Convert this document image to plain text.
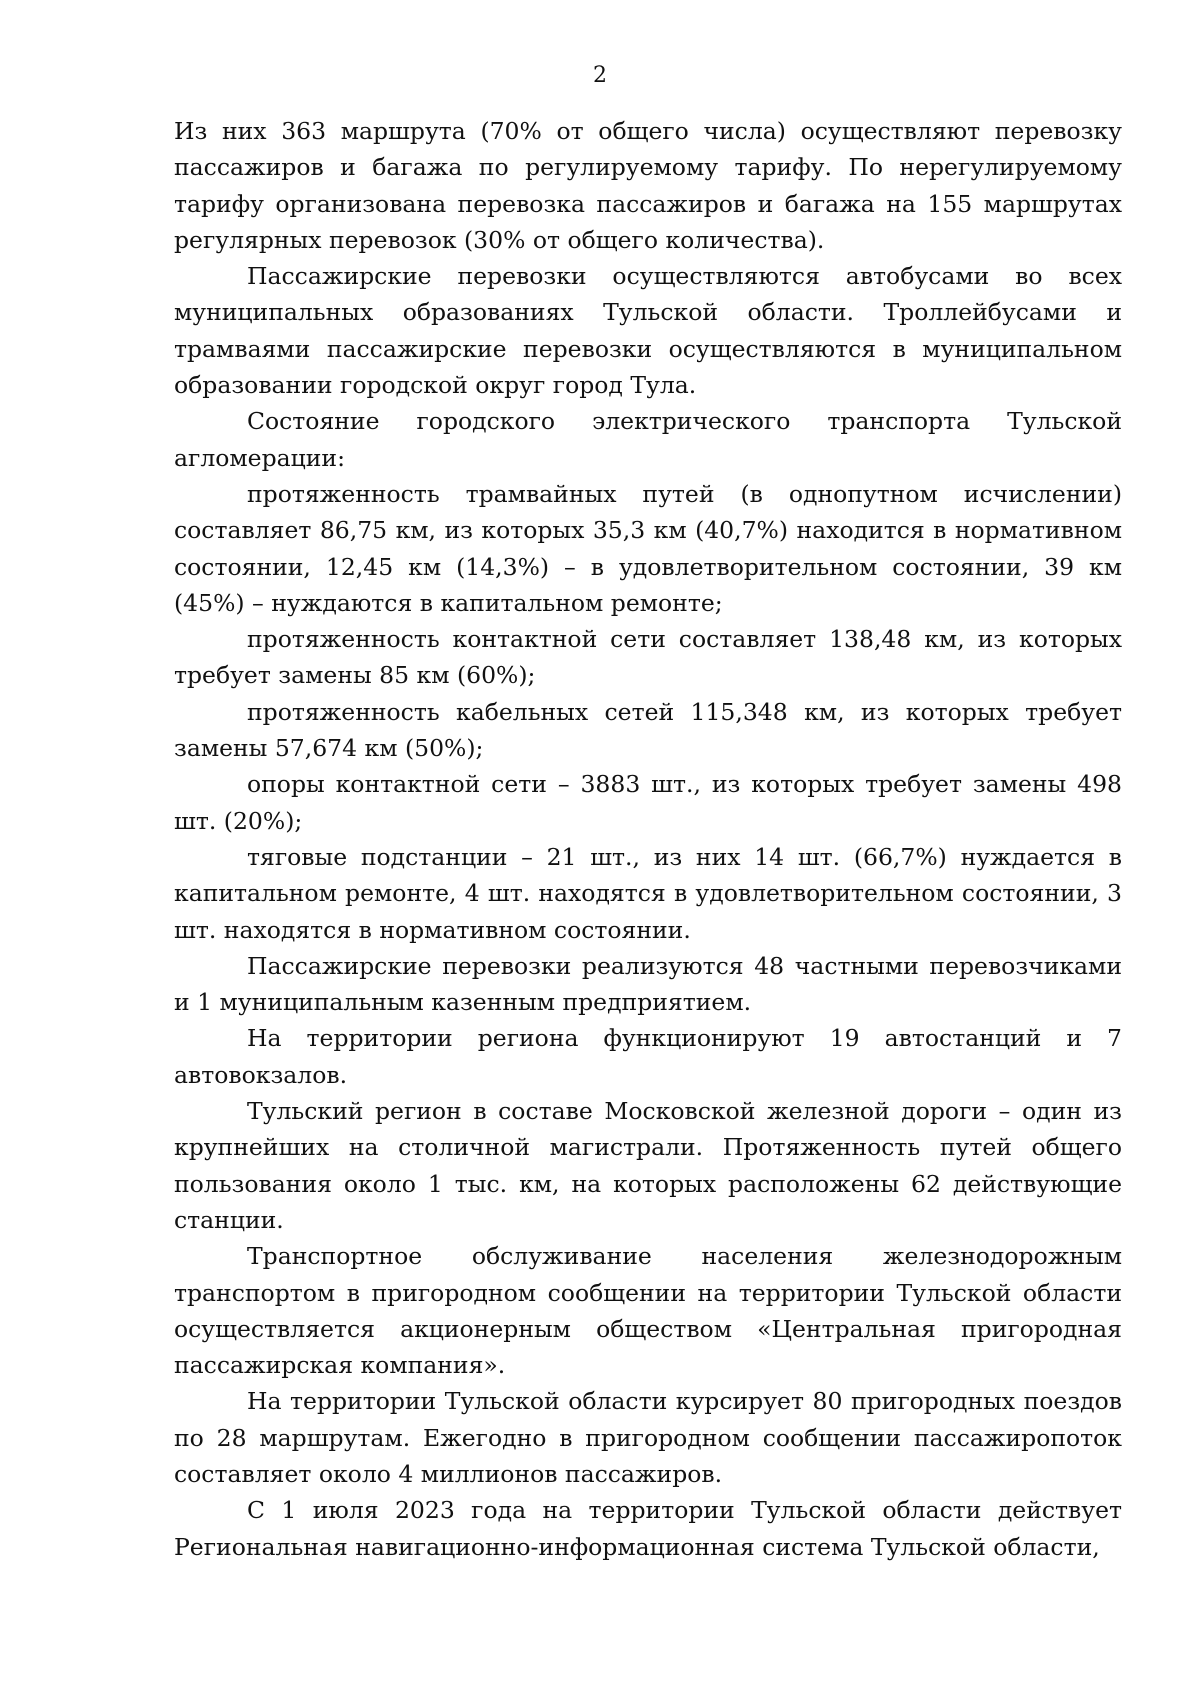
2

Из них 363 маршрута (70% от общего числа) осуществляют перевозку пассажиров и багажа по регулируемому тарифу. По нерегулируемому тарифу организована перевозка пассажиров и багажа на 155 маршрутах регулярных перевозок (30% от общего количества).

Пассажирские перевозки осуществляются автобусами во всех муниципальных образованиях Тульской области. Троллейбусами и трамваями пассажирские перевозки осуществляются в муниципальном образовании городской округ город Тула.

Состояние городского электрического транспорта Тульской агломерации:

протяженность трамвайных путей (в однопутном исчислении) составляет 86,75 км, из которых 35,3 км (40,7%) находится в нормативном состоянии, 12,45 км (14,3%) – в удовлетворительном состоянии, 39 км (45%) – нуждаются в капитальном ремонте;

протяженность контактной сети составляет 138,48 км, из которых требует замены 85 км (60%);

протяженность кабельных сетей 115,348 км, из которых требует замены 57,674 км (50%);

опоры контактной сети – 3883 шт., из которых требует замены 498 шт. (20%);

тяговые подстанции – 21 шт., из них 14 шт. (66,7%) нуждается в капитальном ремонте, 4 шт. находятся в удовлетворительном состоянии, 3 шт. находятся в нормативном состоянии.

Пассажирские перевозки реализуются 48 частными перевозчиками и 1 муниципальным казенным предприятием.

На территории региона функционируют 19 автостанций и 7 автовокзалов.

Тульский регион в составе Московской железной дороги – один из крупнейших на столичной магистрали. Протяженность путей общего пользования около 1 тыс. км, на которых расположены 62 действующие станции.

Транспортное обслуживание населения железнодорожным транспортом в пригородном сообщении на территории Тульской области осуществляется акционерным обществом «Центральная пригородная пассажирская компания».

На территории Тульской области курсирует 80 пригородных поездов по 28 маршрутам. Ежегодно в пригородном сообщении пассажиропоток составляет около 4 миллионов пассажиров.

С 1 июля 2023 года на территории Тульской области действует Региональная навигационно-информационная система Тульской области,
